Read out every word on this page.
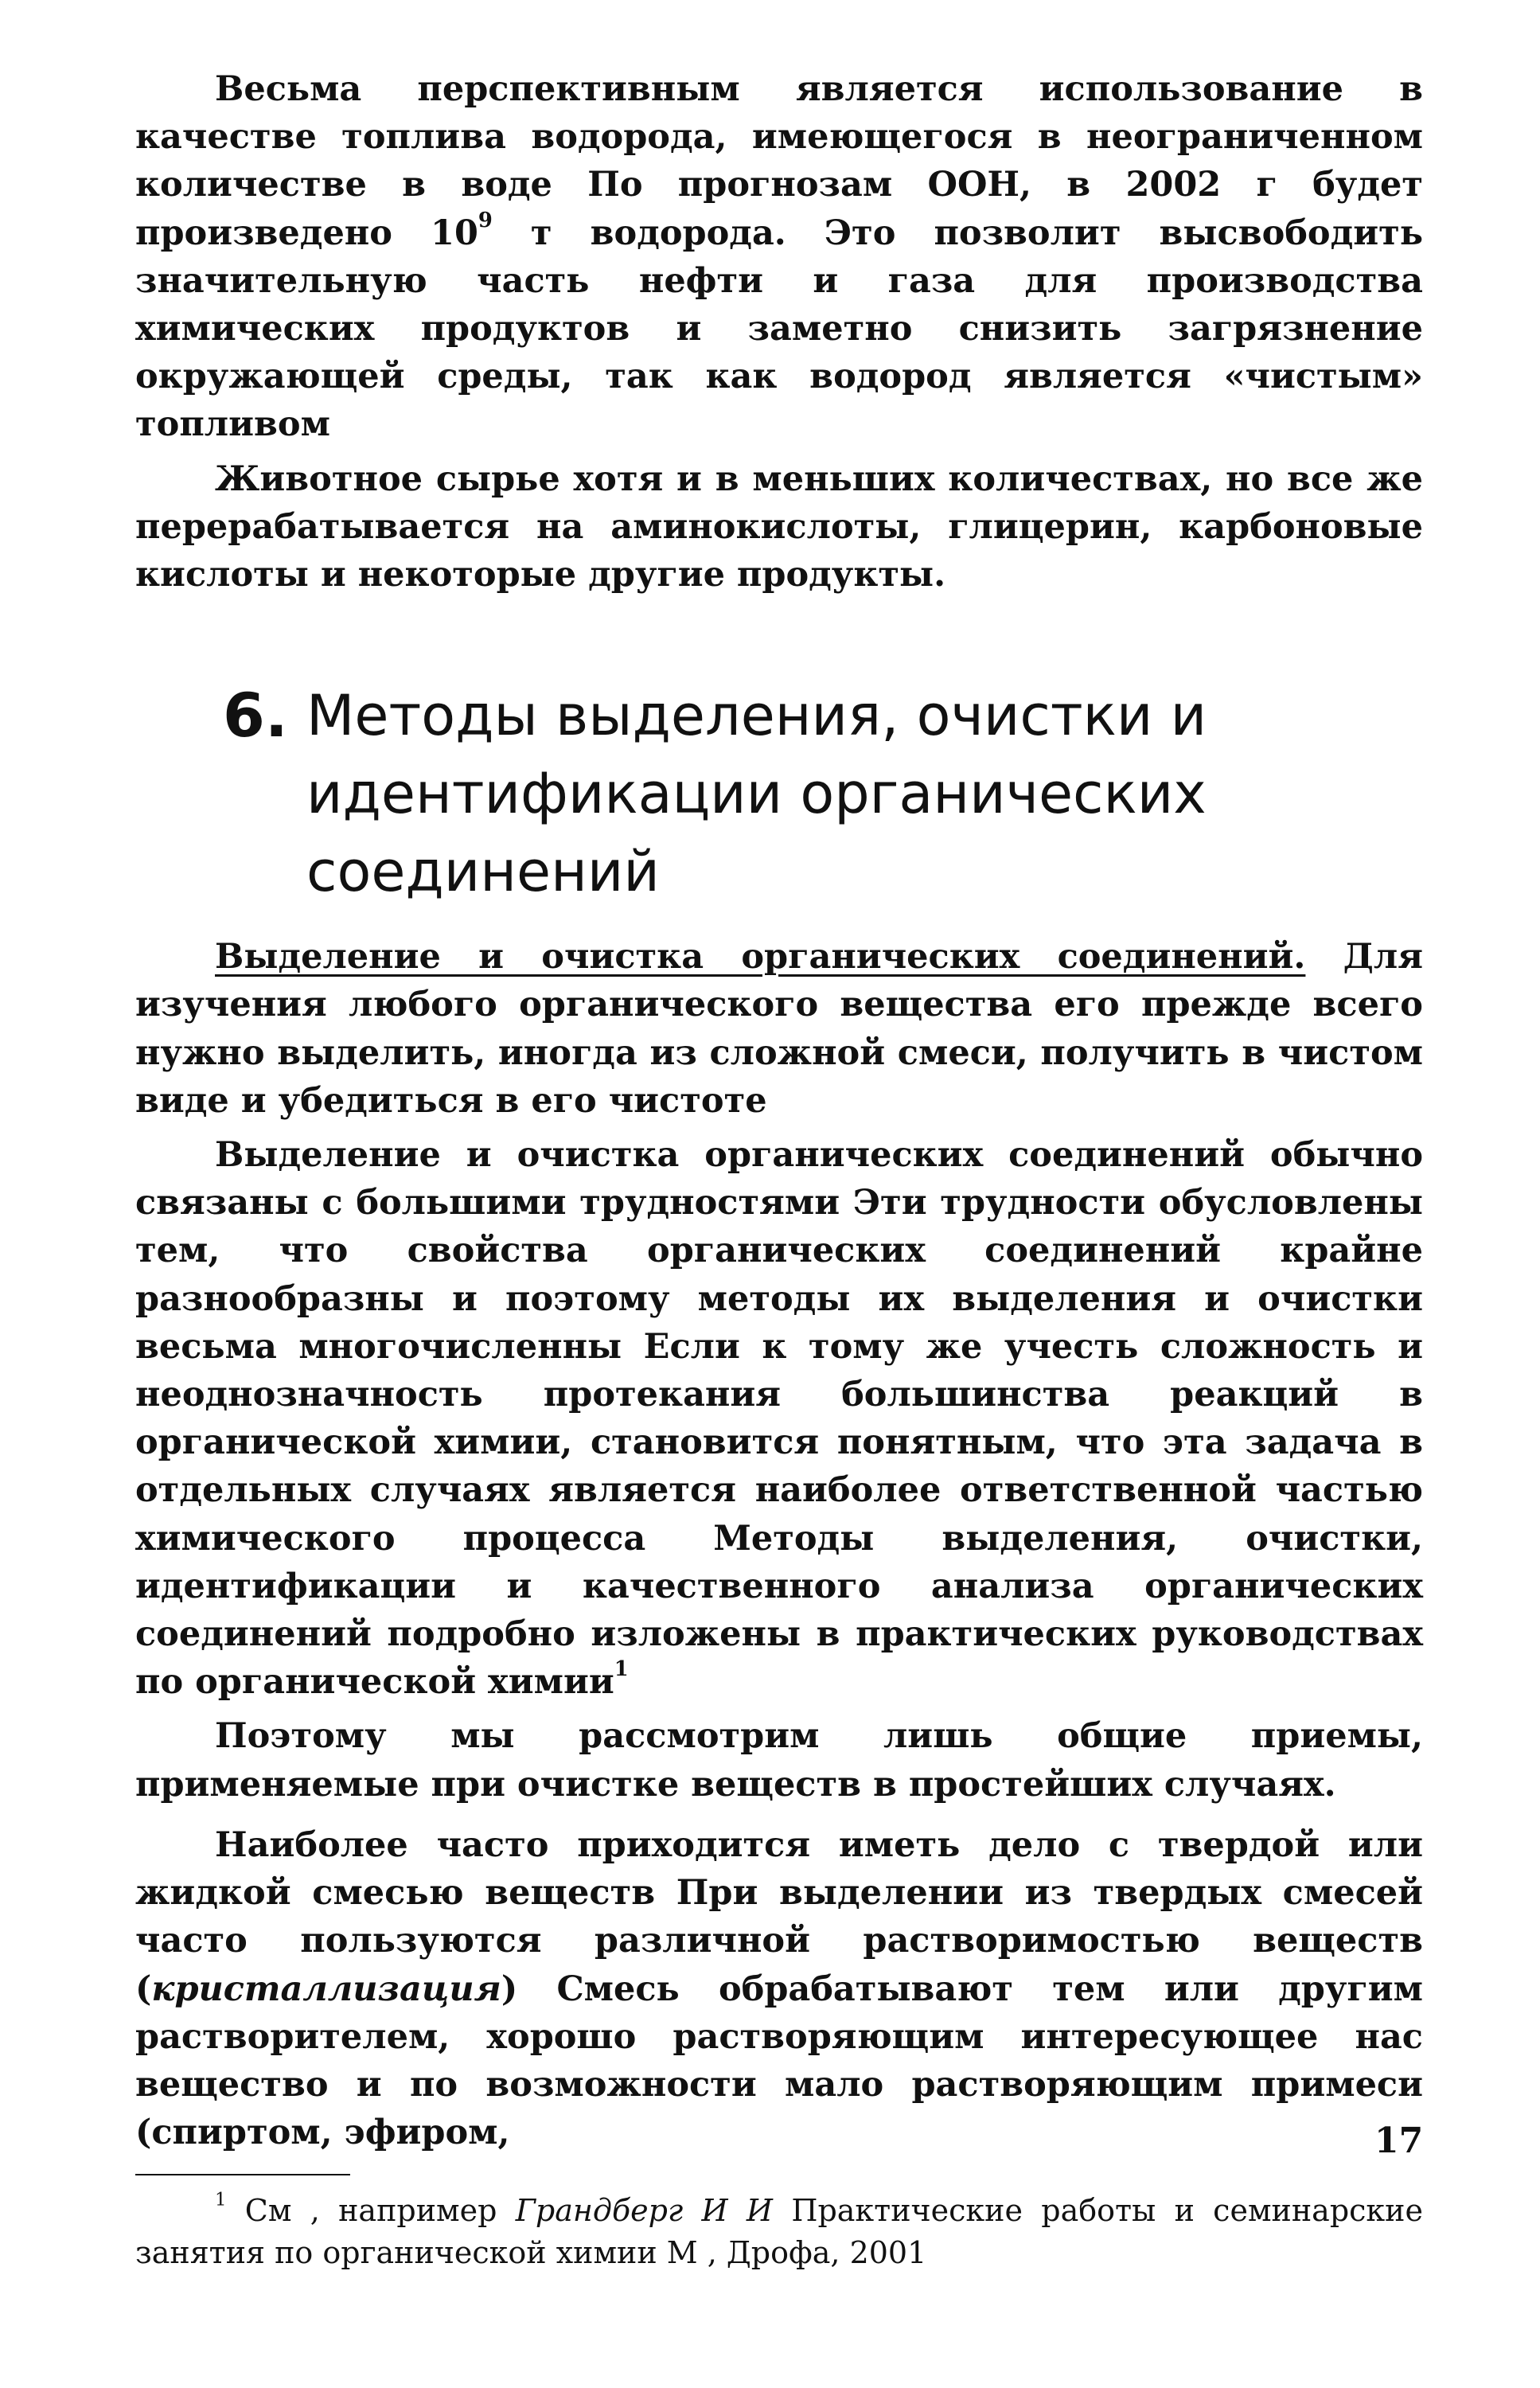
Весьма перспективным является использование в качестве топлива водорода, имеющегося в неограниченном количестве в воде По прогнозам ООН, в 2002 г будет произведено $10^9$ т водорода. Это позволит высвободить значительную часть нефти и газа для производства химических продуктов и заметно снизить загрязнение окружающей среды, так как водород является «чистым» топливом

Животное сырье хотя и в меньших количествах, но все же перерабатывается на аминокислоты, глицерин, карбоновые кислоты и некоторые другие продукты.

6. Методы выделения, очистки и идентификации органических соединений

Выделение и очистка органических соединений. Для изучения любого органического вещества его прежде всего нужно выделить, иногда из сложной смеси, получить в чистом виде и убедиться в его чистоте

Выделение и очистка органических соединений обычно связаны с большими трудностями Эти трудности обусловлены тем, что свойства органических соединений крайне разнообразны и поэтому методы их выделения и очистки весьма многочисленны Если к тому же учесть сложность и неоднозначность протекания большинства реакций в органической химии, становится понятным, что эта задача в отдельных случаях является наиболее ответственной частью химического процесса Методы выделения, очистки, идентификации и качественного анализа органических соединений подробно изложены в практических руководствах по органической химии$^1$

Поэтому мы рассмотрим лишь общие приемы, применяемые при очистке веществ в простейших случаях.

Наиболее часто приходится иметь дело с твердой или жидкой смесью веществ При выделении из твердых смесей часто пользуются различной растворимостью веществ (кристаллизация) Смесь обрабатывают тем или другим растворителем, хорошо растворяющим интересующее нас вещество и по возможности мало растворяющим примеси (спиртом, эфиром,

$^1$ См , например Грандберг И И Практические работы и семинарские занятия по органической химии М , Дрофа, 2001

17
